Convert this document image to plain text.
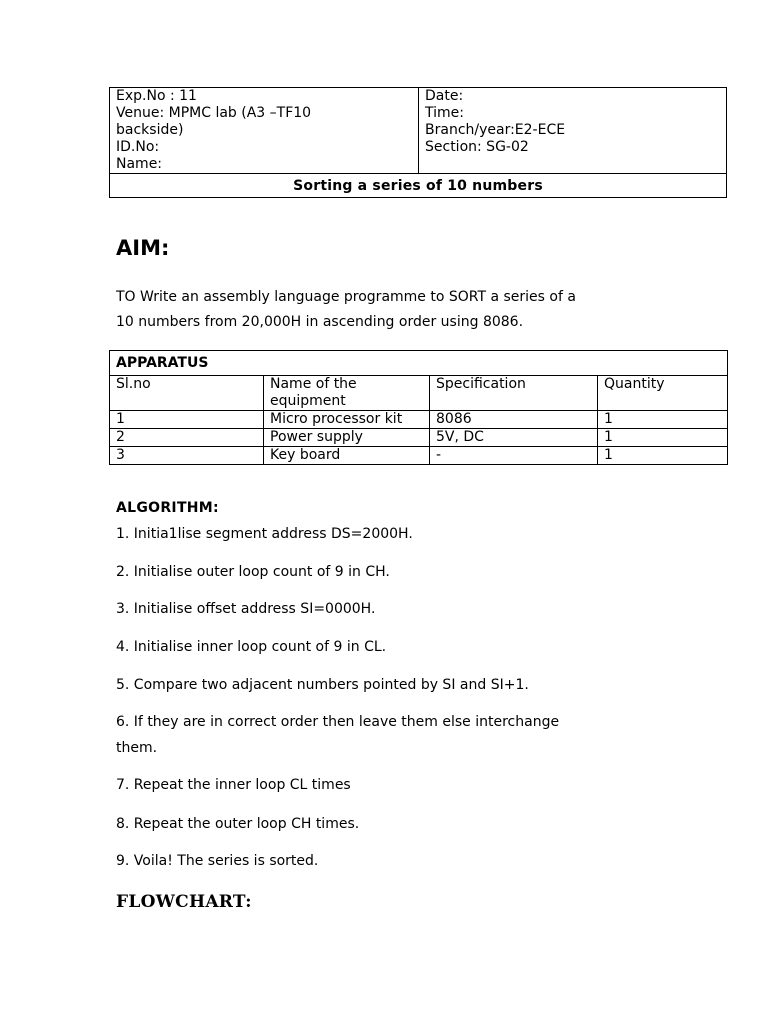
Exp.No : 11
Venue: MPMC lab (A3 –TF10
backside)
ID.No:
Name:

Date:
Time:
Branch/year:E2-ECE
Section: SG-02

Sorting a series of 10 numbers
AIM:

TO Write an assembly language programme to SORT a series of a
10 numbers from 20,000H in ascending order using 8086.

APPARATUS			
Sl.no	Name of the equipment	Specification	Quantity
1	Micro processor kit	8086	1
2	Power supply	5V, DC	1
3	Key board	-	1
ALGORITHM:
1. Initia1lise segment address DS=2000H.
2. Initialise outer loop count of 9 in CH.
3. Initialise offset address SI=0000H.
4. Initialise inner loop count of 9 in CL.
5. Compare two adjacent numbers pointed by SI and SI+1.
6. If they are in correct order then leave them else interchange
them.
7. Repeat the inner loop CL times
8. Repeat the outer loop CH times.
9. Voila! The series is sorted.
FLOWCHART:
